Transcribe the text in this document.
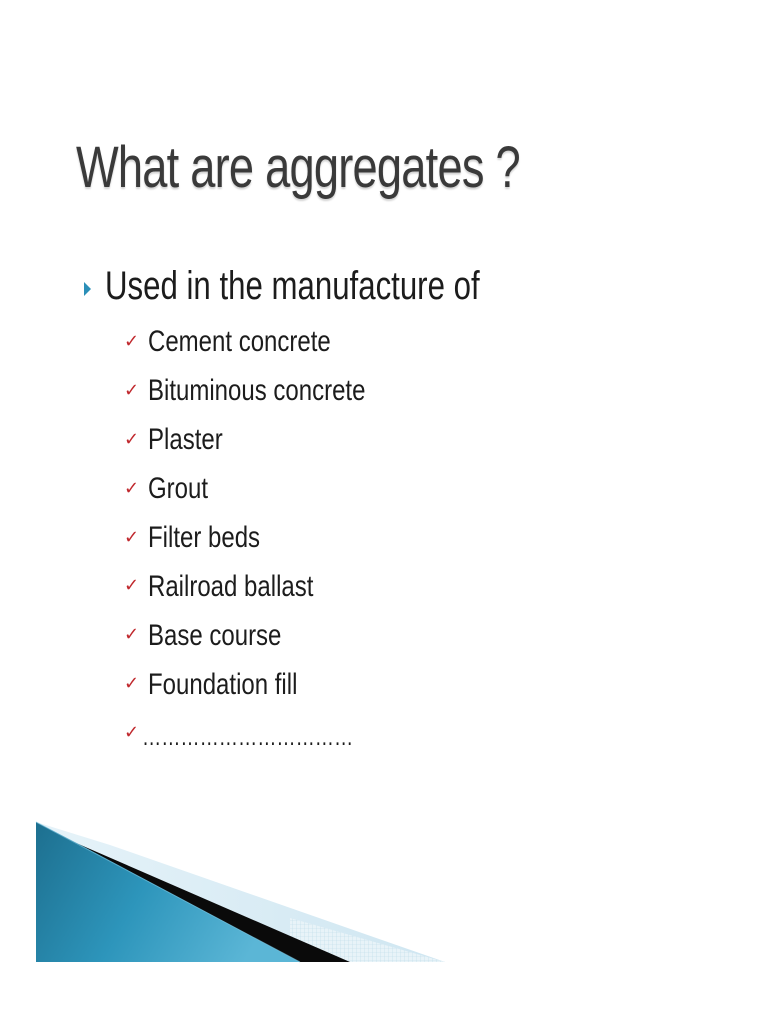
What are aggregates ?
Used in the manufacture of
✓ Cement concrete
✓ Bituminous concrete
✓ Plaster
✓ Grout
✓ Filter beds
✓ Railroad ballast
✓ Base course
✓ Foundation fill
✓ ……………………………
